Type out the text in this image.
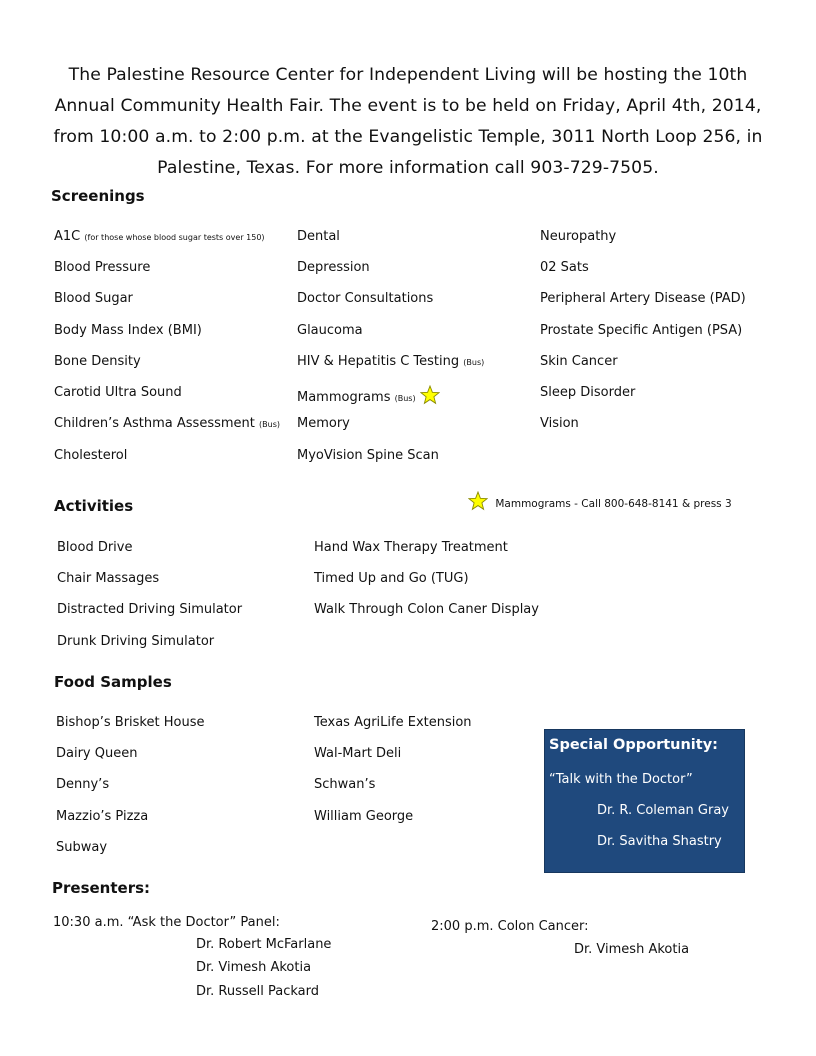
The Palestine Resource Center for Independent Living will be hosting the 10th Annual Community Health Fair. The event is to be held on Friday, April 4th, 2014, from 10:00 a.m. to 2:00 p.m. at the Evangelistic Temple, 3011 North Loop 256, in Palestine, Texas. For more information call 903-729-7505.
Screenings
A1C (for those whose blood sugar tests over 150)
Blood Pressure
Blood Sugar
Body Mass Index (BMI)
Bone Density
Carotid Ultra Sound
Children’s Asthma Assessment (Bus)
Cholesterol
Dental
Depression
Doctor Consultations
Glaucoma
HIV & Hepatitis C Testing (Bus)
Mammograms (Bus)
Memory
MyoVision Spine Scan
Neuropathy
02 Sats
Peripheral Artery Disease (PAD)
Prostate Specific Antigen (PSA)
Skin Cancer
Sleep Disorder
Vision
Activities	Mammograms - Call 800-648-8141 & press 3
Blood Drive
Chair Massages
Distracted Driving Simulator
Drunk Driving Simulator
Hand Wax Therapy Treatment
Timed Up and Go (TUG)
Walk Through Colon Caner Display
Food Samples
Bishop’s Brisket House
Dairy Queen
Denny’s
Mazzio’s Pizza
Subway
Texas AgriLife Extension
Wal-Mart Deli
Schwan’s
William George
Special Opportunity:
“Talk with the Doctor”
Dr. R. Coleman Gray
Dr. Savitha Shastry
Presenters:
10:30 a.m. “Ask the Doctor” Panel:
Dr. Robert McFarlane
Dr. Vimesh Akotia
Dr. Russell Packard
2:00 p.m. Colon Cancer:
Dr. Vimesh Akotia
